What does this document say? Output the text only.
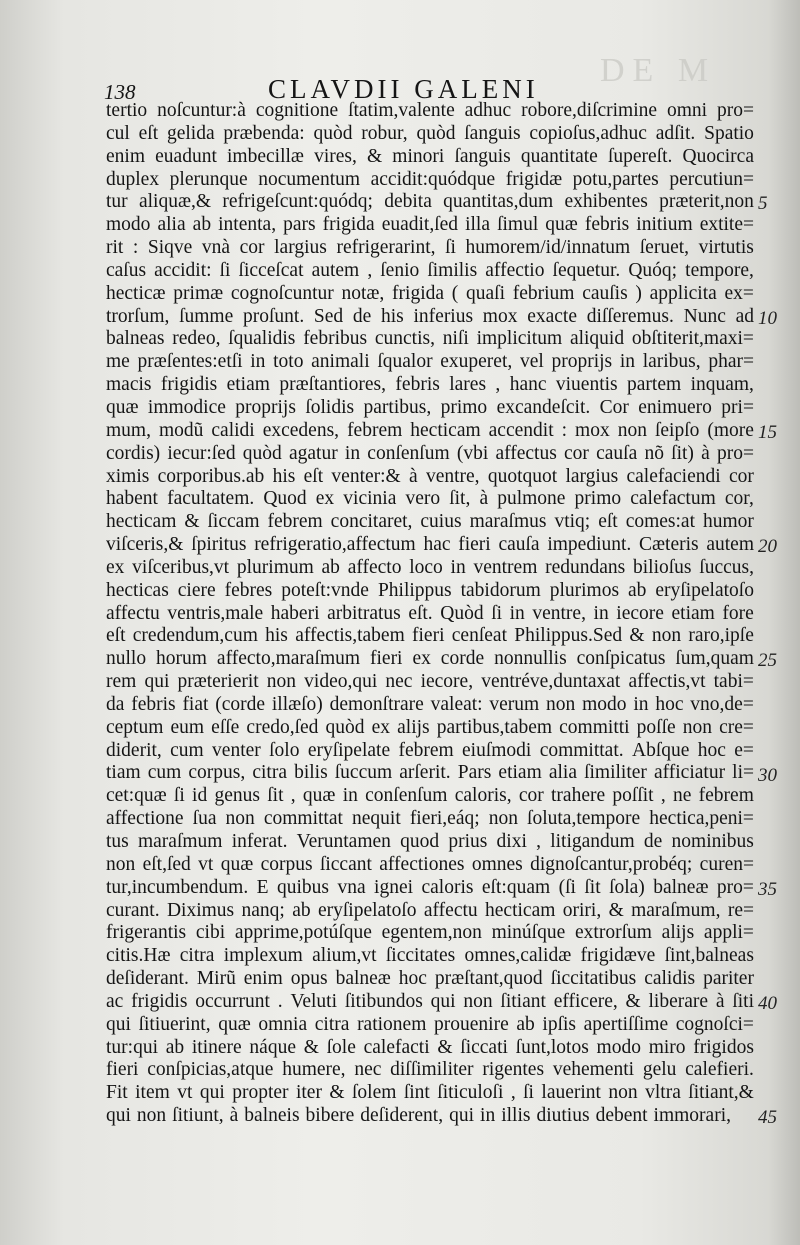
DE M
138	CLAVDII GALENI
tertio noſcuntur:à cognitione ſtatim,valente adhuc robore,diſcrimine omni pro=
cul eſt gelida præbenda: quòd robur, quòd ſanguis copioſus,adhuc adſit. Spatio
enim euadunt imbecillæ vires, & minori ſanguis quantitate ſupereſt. Quocirca
duplex plerunque nocumentum accidit:quódque frigidæ potu,partes percutiun=
tur aliquæ,& refrigeſcunt:quódq; debita quantitas,dum exhibentes præterit,non
modo alia ab intenta, pars frigida euadit,ſed illa ſimul quæ febris initium extite=
rit : Siqve vnà cor largius refrigerarint, ſi humorem/id/innatum ſeruet, virtutis
caſus accidit: ſi ſicceſcat autem , ſenio ſimilis affectio ſequetur. Quóq; tempore,
hecticæ primæ cognoſcuntur notæ, frigida ( quaſi febrium cauſis ) applicita ex=
trorſum, ſumme proſunt. Sed de his inferius mox exacte diſſeremus. Nunc ad
balneas redeo, ſqualidis febribus cunctis, niſi implicitum aliquid obſtiterit,maxi=
me præſentes:etſi in toto animali ſqualor exuperet, vel proprijs in laribus, phar=
macis frigidis etiam præſtantiores, febris lares , hanc viuentis partem inquam,
quæ immodice proprijs ſolidis partibus, primo excandeſcit. Cor enimuero pri=
mum, modũ calidi excedens, febrem hecticam accendit : mox non ſeipſo (more
cordis) iecur:ſed quòd agatur in conſenſum (vbi affectus cor cauſa nõ ſit) à pro=
ximis corporibus.ab his eſt venter:& à ventre, quotquot largius calefaciendi cor
habent facultatem. Quod ex vicinia vero ſit, à pulmone primo calefactum cor,
hecticam & ſiccam febrem concitaret, cuius maraſmus vtiq; eſt comes:at humor
viſceris,& ſpiritus refrigeratio,affectum hac fieri cauſa impediunt. Cæteris autem
ex viſceribus,vt plurimum ab affecto loco in ventrem redundans bilioſus ſuccus,
hecticas ciere febres poteſt:vnde Philippus tabidorum plurimos ab eryſipelatoſo
affectu ventris,male haberi arbitratus eſt. Quòd ſi in ventre, in iecore etiam fore
eſt credendum,cum his affectis,tabem fieri cenſeat Philippus.Sed & non raro,ipſe
nullo horum affecto,maraſmum fieri ex corde nonnullis conſpicatus ſum,quam
rem qui præterierit non video,qui nec iecore, ventréve,duntaxat affectis,vt tabi=
da febris fiat (corde illæſo) demonſtrare valeat: verum non modo in hoc vno,de=
ceptum eum eſſe credo,ſed quòd ex alijs partibus,tabem committi poſſe non cre=
diderit, cum venter ſolo eryſipelate febrem eiuſmodi committat. Abſque hoc e=
tiam cum corpus, citra bilis ſuccum arſerit. Pars etiam alia ſimiliter afficiatur li=
cet:quæ ſi id genus ſit , quæ in conſenſum caloris, cor trahere poſſit , ne febrem
affectione ſua non committat nequit fieri,eáq; non ſoluta,tempore hectica,peni=
tus maraſmum inferat. Veruntamen quod prius dixi , litigandum de nominibus
non eſt,ſed vt quæ corpus ſiccant affectiones omnes dignoſcantur,probéq; curen=
tur,incumbendum. E quibus vna ignei caloris eſt:quam (ſi ſit ſola) balneæ pro=
curant. Diximus nanq; ab eryſipelatoſo affectu hecticam oriri, & maraſmum, re=
frigerantis cibi apprime,potúſque egentem,non minúſque extrorſum alijs appli=
citis.Hæ citra implexum alium,vt ſiccitates omnes,calidæ frigidæve ſint,balneas
deſiderant. Mirũ enim opus balneæ hoc præſtant,quod ſiccitatibus calidis pariter
ac frigidis occurrunt . Veluti ſitibundos qui non ſitiant efficere, & liberare à ſiti
qui ſitiuerint, quæ omnia citra rationem prouenire ab ipſis apertiſſime cognoſci=
tur:qui ab itinere náque & ſole calefacti & ſiccati ſunt,lotos modo miro frigidos
fieri conſpicias,atque humere, nec diſſimiliter rigentes vehementi gelu calefieri.
Fit item vt qui propter iter & ſolem ſint ſiticuloſi , ſi lauerint non vltra ſitiant,&
qui non ſitiunt, à balneis bibere deſiderent, qui in illis diutius debent immorari,
5
10
15
20
25
30
35
40
45
